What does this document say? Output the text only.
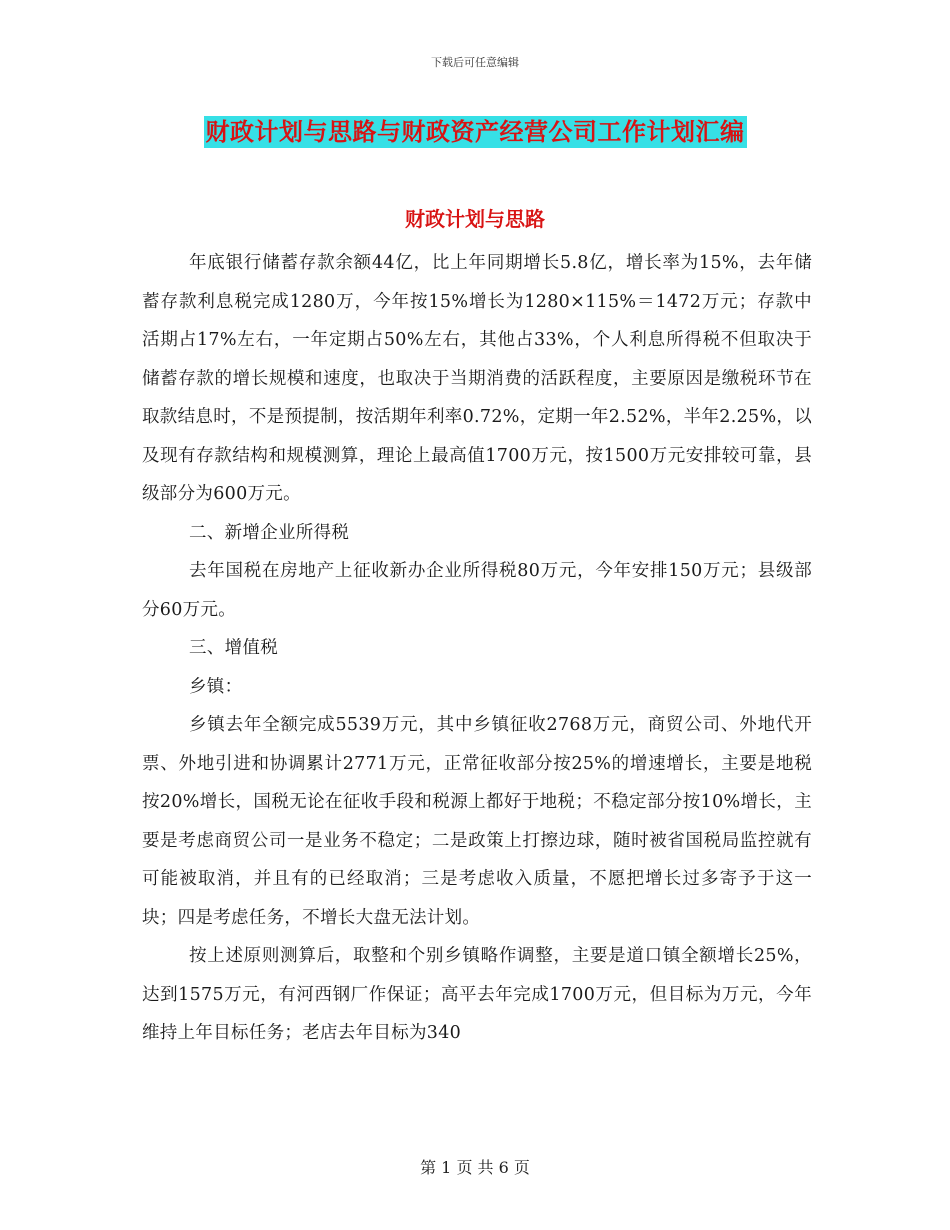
下载后可任意编辑
财政计划与思路与财政资产经营公司工作计划汇编
财政计划与思路

年底银行储蓄存款余额44亿，比上年同期增长5.8亿，增长率为15%，去年储蓄存款利息税完成1280万，今年按15%增长为1280×115%＝1472万元；存款中活期占17%左右，一年定期占50%左右，其他占33%，个人利息所得税不但取决于储蓄存款的增长规模和速度，也取决于当期消费的活跃程度，主要原因是缴税环节在取款结息时，不是预提制，按活期年利率0.72%，定期一年2.52%，半年2.25%，以及现有存款结构和规模测算，理论上最高值1700万元，按1500万元安排较可靠，县级部分为600万元。

二、新增企业所得税

去年国税在房地产上征收新办企业所得税80万元，今年安排150万元；县级部分60万元。

三、增值税

乡镇：

乡镇去年全额完成5539万元，其中乡镇征收2768万元，商贸公司、外地代开票、外地引进和协调累计2771万元，正常征收部分按25%的增速增长，主要是地税按20%增长，国税无论在征收手段和税源上都好于地税；不稳定部分按10%增长，主要是考虑商贸公司一是业务不稳定；二是政策上打擦边球，随时被省国税局监控就有可能被取消，并且有的已经取消；三是考虑收入质量，不愿把增长过多寄予于这一块；四是考虑任务，不增长大盘无法计划。

按上述原则测算后，取整和个别乡镇略作调整，主要是道口镇全额增长25%，达到1575万元，有河西钢厂作保证；高平去年完成1700万元，但目标为万元，今年维持上年目标任务；老店去年目标为340

第 1 页 共 6 页
